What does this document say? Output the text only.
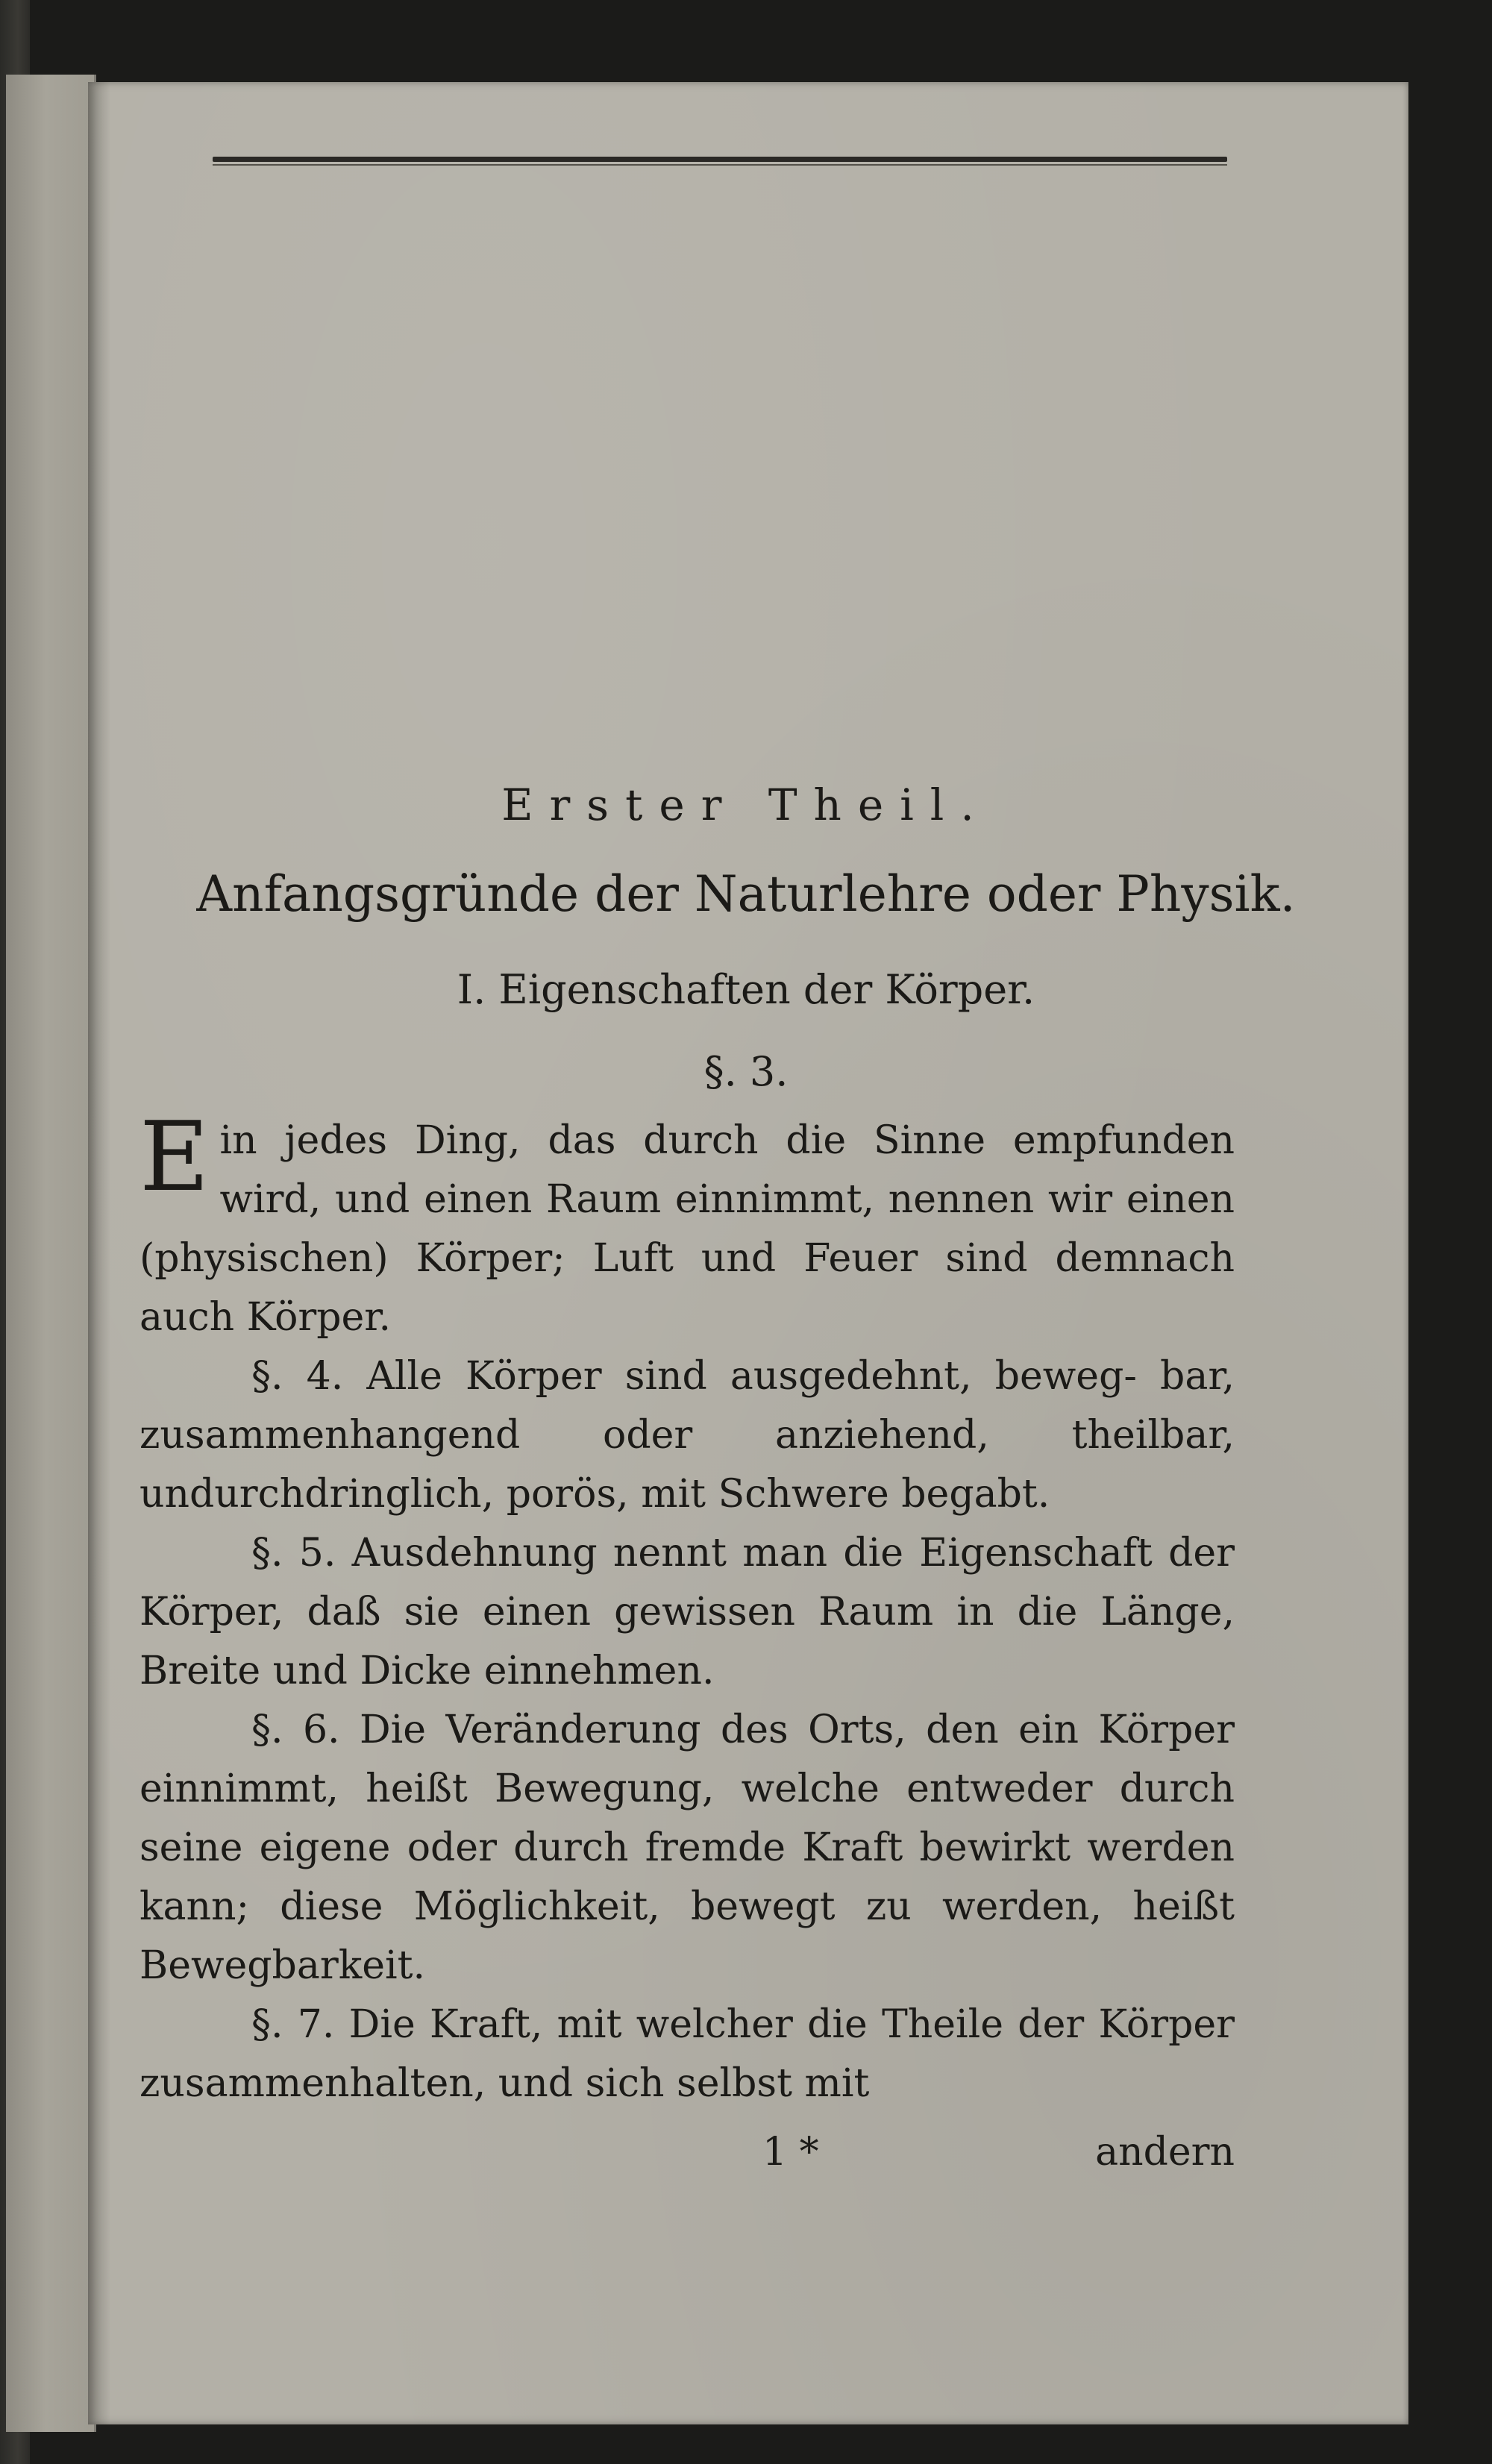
Erster Theil.
Anfangsgründe der Naturlehre oder Physik.
I. Eigenschaften der Körper.
§. 3.

Ein jedes Ding, das durch die Sinne empfunden wird, und einen Raum einnimmt, nennen wir einen (physischen) Körper; Luft und Feuer sind demnach auch Körper.

§. 4. Alle Körper sind ausgedehnt, beweg- bar, zusammenhangend oder anziehend, theilbar, undurchdringlich, porös, mit Schwere begabt.

§. 5. Ausdehnung nennt man die Eigenschaft der Körper, daß sie einen gewissen Raum in die Länge, Breite und Dicke einnehmen.

§. 6. Die Veränderung des Orts, den ein Körper einnimmt, heißt Bewegung, welche entweder durch seine eigene oder durch fremde Kraft bewirkt werden kann; diese Möglichkeit, bewegt zu werden, heißt Bewegbarkeit.

§. 7. Die Kraft, mit welcher die Theile der Körper zusammenhalten, und sich selbst mit

1 *	andern
